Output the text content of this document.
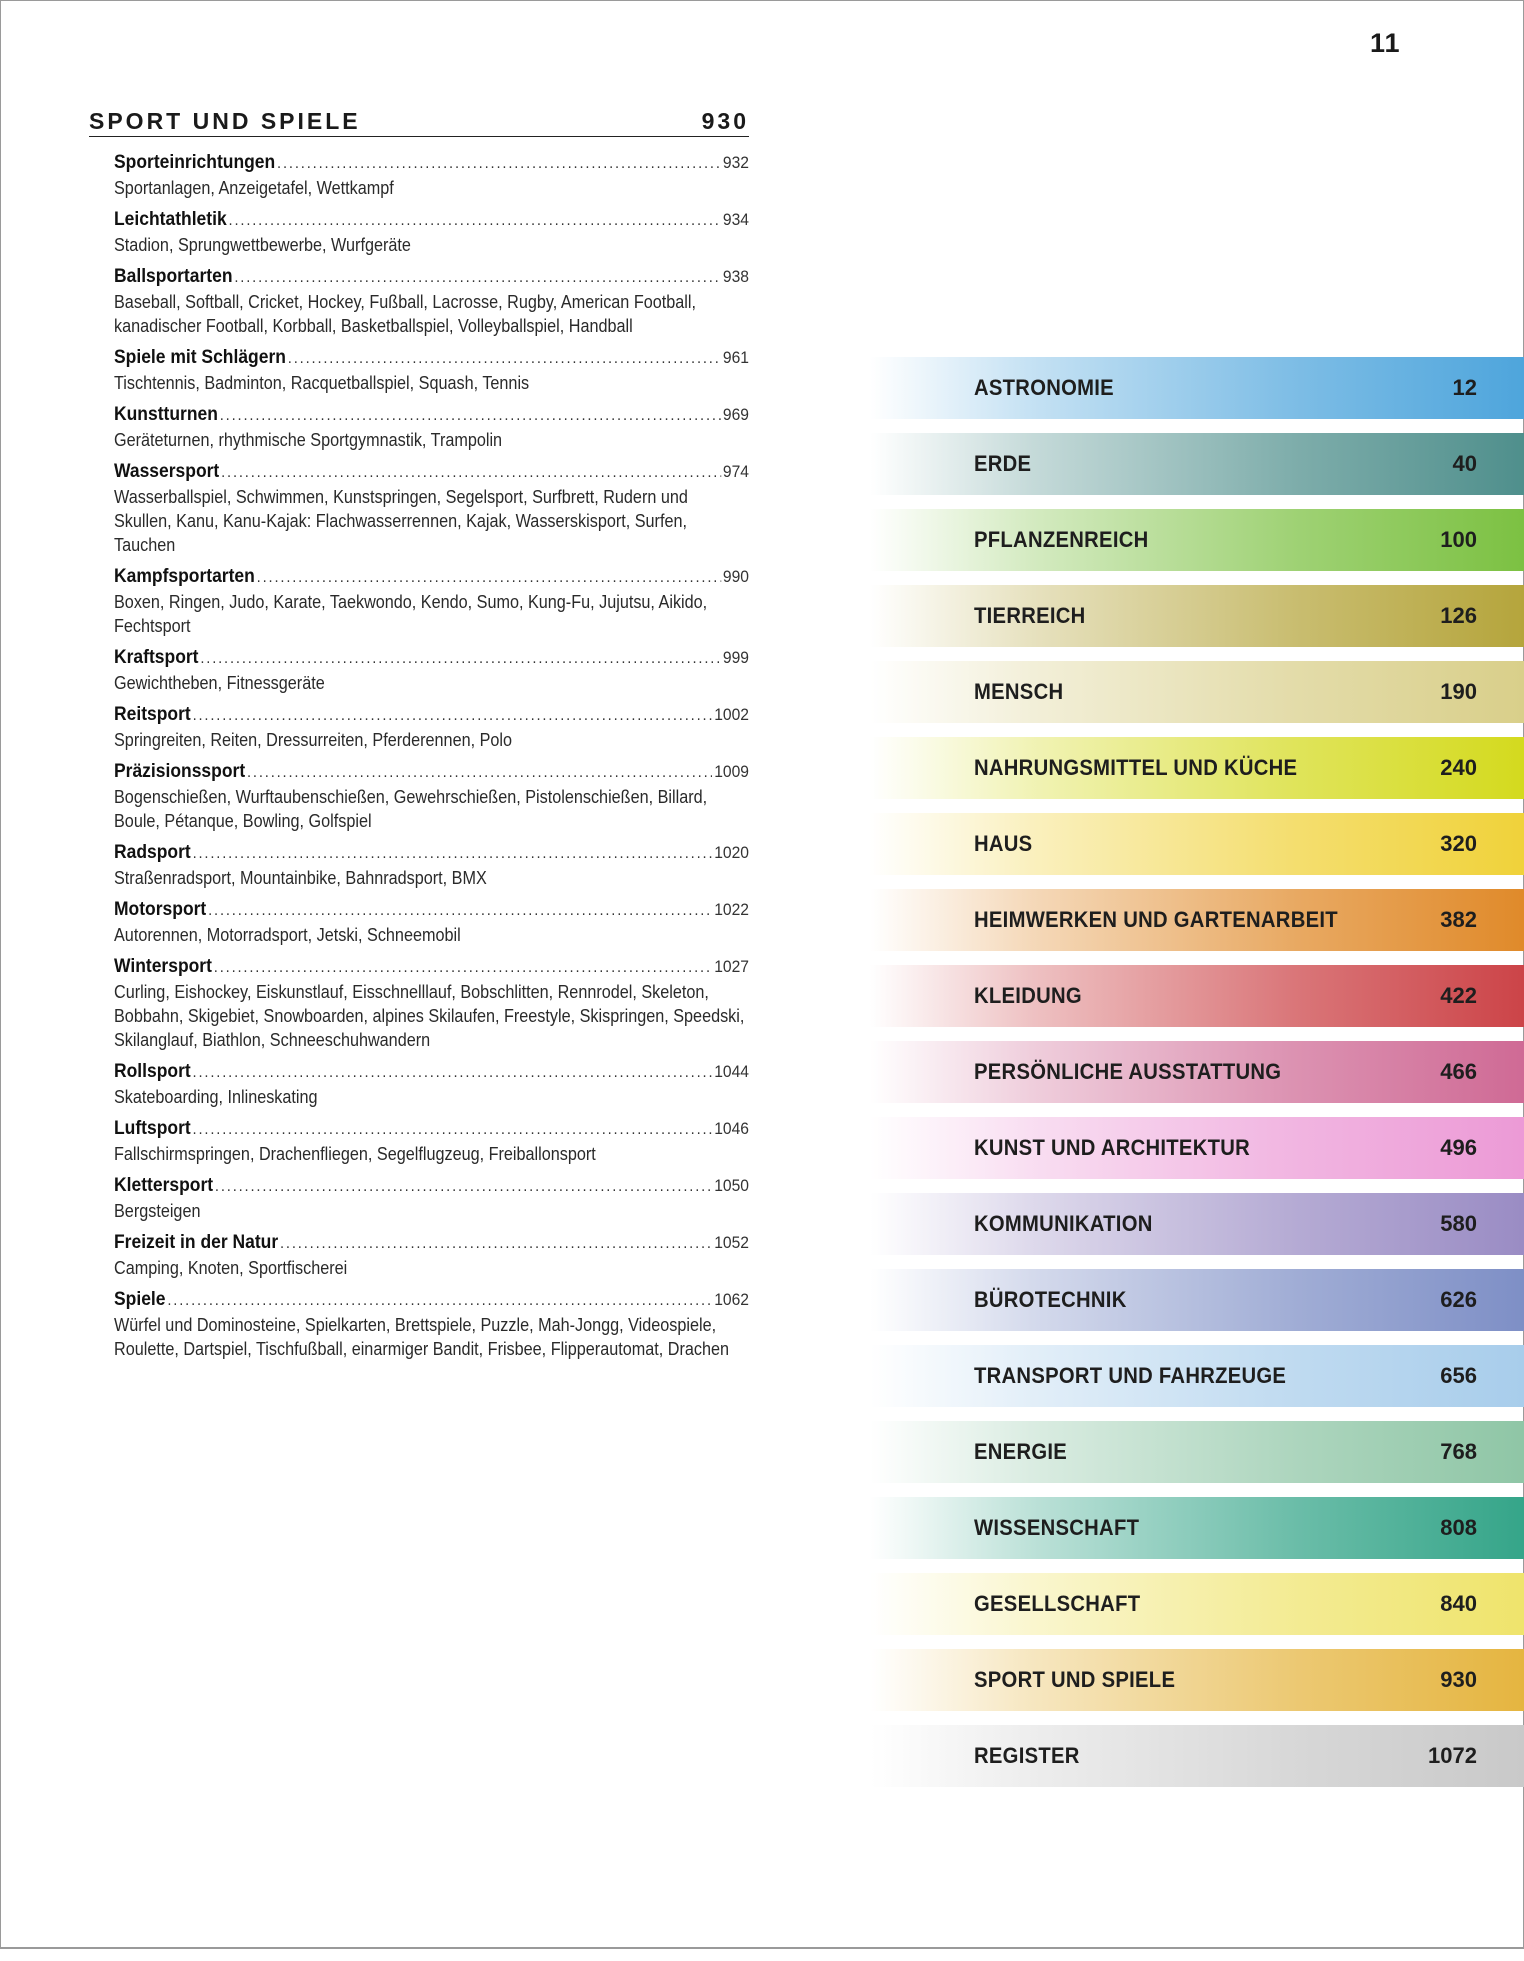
11
SPORT UND SPIELE	930
Sporteinrichtungen .....	932
Sportanlagen, Anzeigetafel, Wettkampf
Leichtathletik .....	934
Stadion, Sprungwettbewerbe, Wurfgeräte
Ballsportarten .....	938
Baseball, Softball, Cricket, Hockey, Fußball, Lacrosse, Rugby, American Football, kanadischer Football, Korbball, Basketballspiel, Volleyballspiel, Handball
Spiele mit Schlägern .....	961
Tischtennis, Badminton, Racquetballspiel, Squash, Tennis
Kunstturnen .....	969
Geräteturnen, rhythmische Sportgymnastik, Trampolin
Wassersport .....	974
Wasserballspiel, Schwimmen, Kunstspringen, Segelsport, Surfbrett, Rudern und Skullen, Kanu, Kanu-Kajak: Flachwasserrennen, Kajak, Wasserskisport, Surfen, Tauchen
Kampfsportarten .....	990
Boxen, Ringen, Judo, Karate, Taekwondo, Kendo, Sumo, Kung-Fu, Jujutsu, Aikido, Fechtsport
Kraftsport .....	999
Gewichtheben, Fitnessgeräte
Reitsport .....	1002
Springreiten, Reiten, Dressurreiten, Pferderennen, Polo
Präzisionssport .....	1009
Bogenschießen, Wurftaubenschießen, Gewehrschießen, Pistolenschießen, Billard, Boule, Pétanque, Bowling, Golfspiel
Radsport .....	1020
Straßenradsport, Mountainbike, Bahnradsport, BMX
Motorsport .....	1022
Autorennen, Motorradsport, Jetski, Schneemobil
Wintersport .....	1027
Curling, Eishockey, Eiskunstlauf, Eisschnelllauf, Bobschlitten, Rennrodel, Skeleton, Bobbahn, Skigebiet, Snowboarden, alpines Skilaufen, Freestyle, Skispringen, Speedski, Skilanglauf, Biathlon, Schneeschuhwandern
Rollsport .....	1044
Skateboarding, Inlineskating
Luftsport .....	1046
Fallschirmspringen, Drachenfliegen, Segelflugzeug, Freiballonsport
Klettersport .....	1050
Bergsteigen
Freizeit in der Natur .....	1052
Camping, Knoten, Sportfischerei
Spiele .....	1062
Würfel und Dominosteine, Spielkarten, Brettspiele, Puzzle, Mah-Jongg, Videospiele, Roulette, Dartspiel, Tischfußball, einarmiger Bandit, Frisbee, Flipperautomat, Drachen
ASTRONOMIE	12
ERDE	40
PFLANZENREICH	100
TIERREICH	126
MENSCH	190
NAHRUNGSMITTEL UND KÜCHE	240
HAUS	320
HEIMWERKEN UND GARTENARBEIT	382
KLEIDUNG	422
PERSÖNLICHE AUSSTATTUNG	466
KUNST UND ARCHITEKTUR	496
KOMMUNIKATION	580
BÜROTECHNIK	626
TRANSPORT UND FAHRZEUGE	656
ENERGIE	768
WISSENSCHAFT	808
GESELLSCHAFT	840
SPORT UND SPIELE	930
REGISTER	1072
